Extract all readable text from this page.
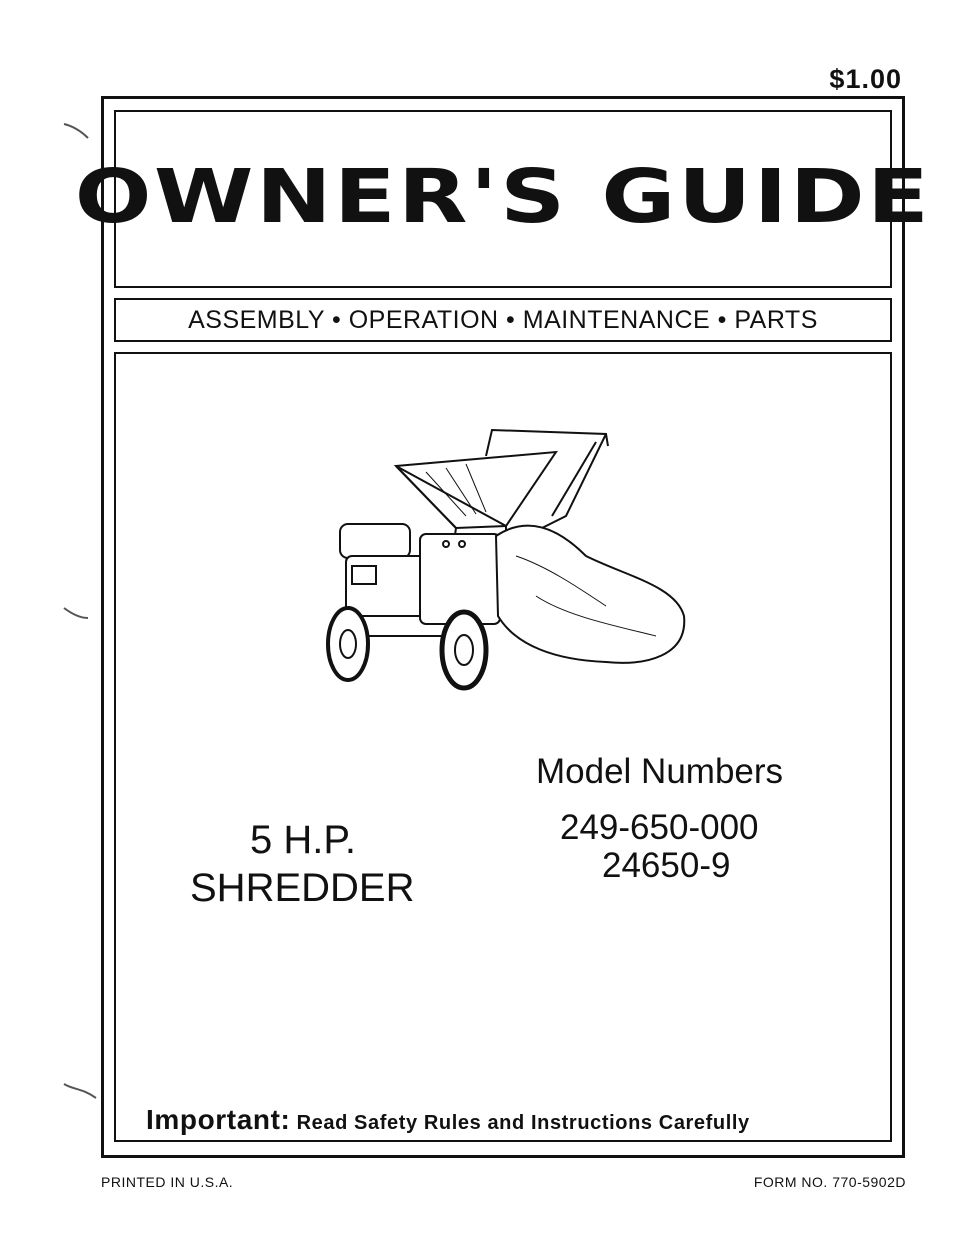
$1.00
OWNER'S GUIDE
ASSEMBLY • OPERATION • MAINTENANCE • PARTS
Model Numbers
249-650-000
24650-9
5 H.P.
SHREDDER
Important: Read Safety Rules and Instructions Carefully
PRINTED IN U.S.A.	FORM NO. 770-5902D
